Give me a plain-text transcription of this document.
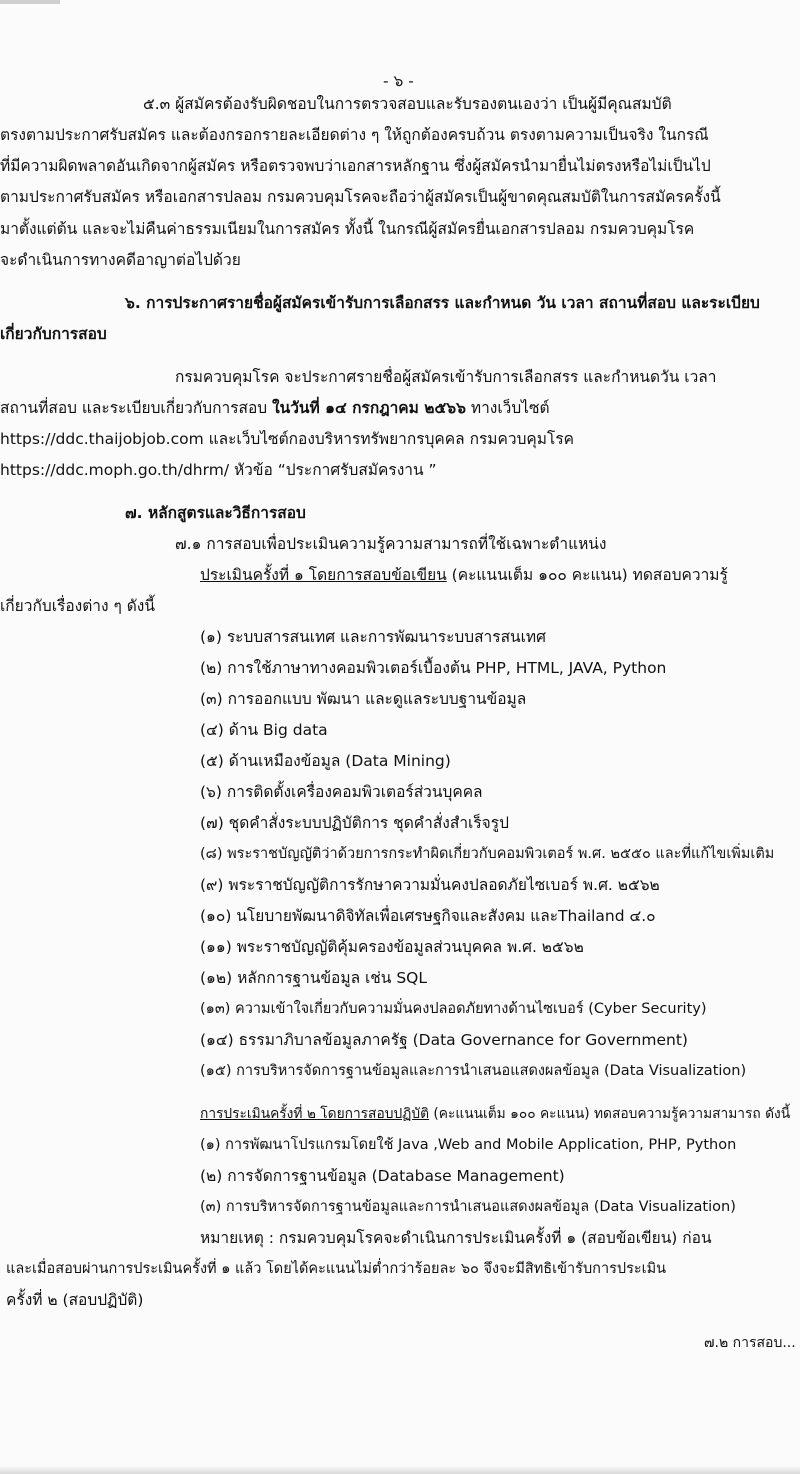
- ๖ -
๕.๓ ผู้สมัครต้องรับผิดชอบในการตรวจสอบและรับรองตนเองว่า เป็นผู้มีคุณสมบัติ
ตรงตามประกาศรับสมัคร และต้องกรอกรายละเอียดต่าง ๆ ให้ถูกต้องครบถ้วน ตรงตามความเป็นจริง ในกรณี
ที่มีความผิดพลาดอันเกิดจากผู้สมัคร หรือตรวจพบว่าเอกสารหลักฐาน ซึ่งผู้สมัครนำมายื่นไม่ตรงหรือไม่เป็นไป
ตามประกาศรับสมัคร หรือเอกสารปลอม กรมควบคุมโรคจะถือว่าผู้สมัครเป็นผู้ขาดคุณสมบัติในการสมัครครั้งนี้
มาตั้งแต่ต้น และจะไม่คืนค่าธรรมเนียมในการสมัคร ทั้งนี้ ในกรณีผู้สมัครยื่นเอกสารปลอม กรมควบคุมโรค
จะดำเนินการทางคดีอาญาต่อไปด้วย
๖. การประกาศรายชื่อผู้สมัครเข้ารับการเลือกสรร และกำหนด วัน เวลา สถานที่สอบ และระเบียบ
เกี่ยวกับการสอบ
กรมควบคุมโรค จะประกาศรายชื่อผู้สมัครเข้ารับการเลือกสรร และกำหนดวัน เวลา
สถานที่สอบ และระเบียบเกี่ยวกับการสอบ ในวันที่ ๑๔ กรกฎาคม ๒๕๖๖ ทางเว็บไซต์
https://ddc.thaijobjob.com และเว็บไซต์กองบริหารทรัพยากรบุคคล กรมควบคุมโรค
https://ddc.moph.go.th/dhrm/ หัวข้อ “ประกาศรับสมัครงาน ”
๗. หลักสูตรและวิธีการสอบ
๗.๑ การสอบเพื่อประเมินความรู้ความสามารถที่ใช้เฉพาะตำแหน่ง
ประเมินครั้งที่ ๑ โดยการสอบข้อเขียน (คะแนนเต็ม ๑๐๐ คะแนน) ทดสอบความรู้
เกี่ยวกับเรื่องต่าง ๆ ดังนี้
(๑) ระบบสารสนเทศ และการพัฒนาระบบสารสนเทศ
(๒) การใช้ภาษาทางคอมพิวเตอร์เบื้องต้น PHP, HTML, JAVA, Python
(๓) การออกแบบ พัฒนา และดูแลระบบฐานข้อมูล
(๔) ด้าน Big data
(๕) ด้านเหมืองข้อมูล (Data Mining)
(๖) การติดตั้งเครื่องคอมพิวเตอร์ส่วนบุคคล
(๗) ชุดคำสั่งระบบปฏิบัติการ ชุดคำสั่งสำเร็จรูป
(๘) พระราชบัญญัติว่าด้วยการกระทำผิดเกี่ยวกับคอมพิวเตอร์ พ.ศ. ๒๕๕๐ และที่แก้ไขเพิ่มเติม
(๙) พระราชบัญญัติการรักษาความมั่นคงปลอดภัยไซเบอร์ พ.ศ. ๒๕๖๒
(๑๐) นโยบายพัฒนาดิจิทัลเพื่อเศรษฐกิจและสังคม และThailand ๔.๐
(๑๑) พระราชบัญญัติคุ้มครองข้อมูลส่วนบุคคล พ.ศ. ๒๕๖๒
(๑๒) หลักการฐานข้อมูล เช่น SQL
(๑๓) ความเข้าใจเกี่ยวกับความมั่นคงปลอดภัยทางด้านไซเบอร์ (Cyber Security)
(๑๔) ธรรมาภิบาลข้อมูลภาครัฐ (Data Governance for Government)
(๑๕) การบริหารจัดการฐานข้อมูลและการนำเสนอแสดงผลข้อมูล (Data Visualization)
การประเมินครั้งที่ ๒ โดยการสอบปฏิบัติ (คะแนนเต็ม ๑๐๐ คะแนน) ทดสอบความรู้ความสามารถ ดังนี้
(๑) การพัฒนาโปรแกรมโดยใช้ Java ,Web and Mobile Application, PHP, Python
(๒) การจัดการฐานข้อมูล (Database Management)
(๓) การบริหารจัดการฐานข้อมูลและการนำเสนอแสดงผลข้อมูล (Data Visualization)
หมายเหตุ : กรมควบคุมโรคจะดำเนินการประเมินครั้งที่ ๑ (สอบข้อเขียน) ก่อน
และเมื่อสอบผ่านการประเมินครั้งที่ ๑ แล้ว โดยได้คะแนนไม่ต่ำกว่าร้อยละ ๖๐ จึงจะมีสิทธิเข้ารับการประเมิน
ครั้งที่ ๒ (สอบปฏิบัติ)
๗.๒ การสอบ...
